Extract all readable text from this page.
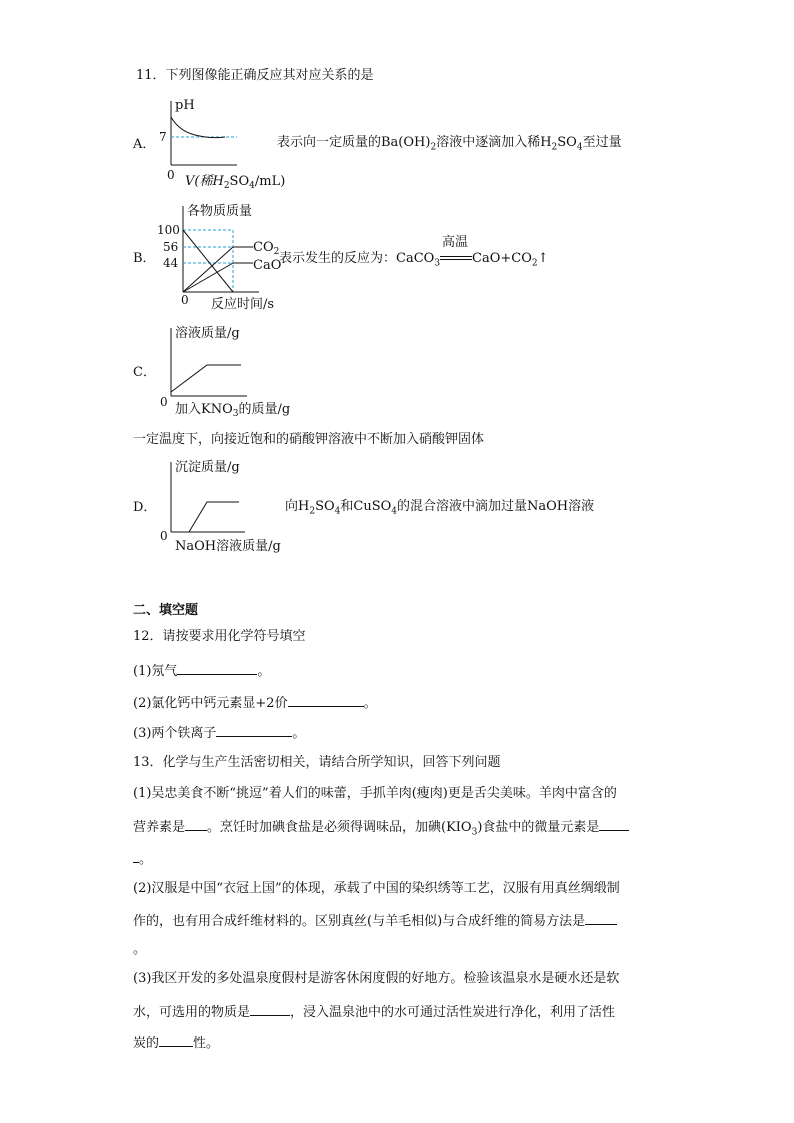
11．下列图像能正确反应其对应关系的是
A．
pH
7
0 V(稀$H_2SO_4/mL$)
表示向一定质量的$Ba(OH)_2$溶液中逐滴加入稀$H_2SO_4$至过量
B．
各物质质量
100
56
44
0 反应时间/s
$CO_2$
CaO
表示发生的反应为：CaCO$_3$
高温
$CaO+CO_2↑$
C．
溶液质量/g
0 加入$KNO_3$的质量/g
一定温度下，向接近饱和的硝酸钾溶液中不断加入硝酸钾固体
D．
沉淀质量/g
0
NaOH溶液质量/g
向$H_2SO_4$和CuSO$_4$的混合溶液中滴加过量NaOH溶液
二、填空题
12．请按要求用化学符号填空
(1)氖气	。
(2)氯化钙中钙元素显+2价	。
(3)两个铁离子	。
13．化学与生产生活密切相关，请结合所学知识，回答下列问题
(1)吴忠美食不断“挑逗”着人们的味蕾，手抓羊肉(瘦肉)更是舌尖美味。羊肉中富含的
营养素是 。烹饪时加碘食盐是必须得调味品，加碘$(KIO_3)$食盐中的微量元素是
。
(2)汉服是中国“衣冠上国”的体现，承载了中国的染织绣等工艺，汉服有用真丝绸缎制
作的，也有用合成纤维材料的。区别真丝(与羊毛相似)与合成纤维的简易方法是
。
(3)我区开发的多处温泉度假村是游客休闲度假的好地方。检验该温泉水是硬水还是软
水，可选用的物质是	，浸入温泉池中的水可通过活性炭进行净化，利用了活性
炭的	性。
